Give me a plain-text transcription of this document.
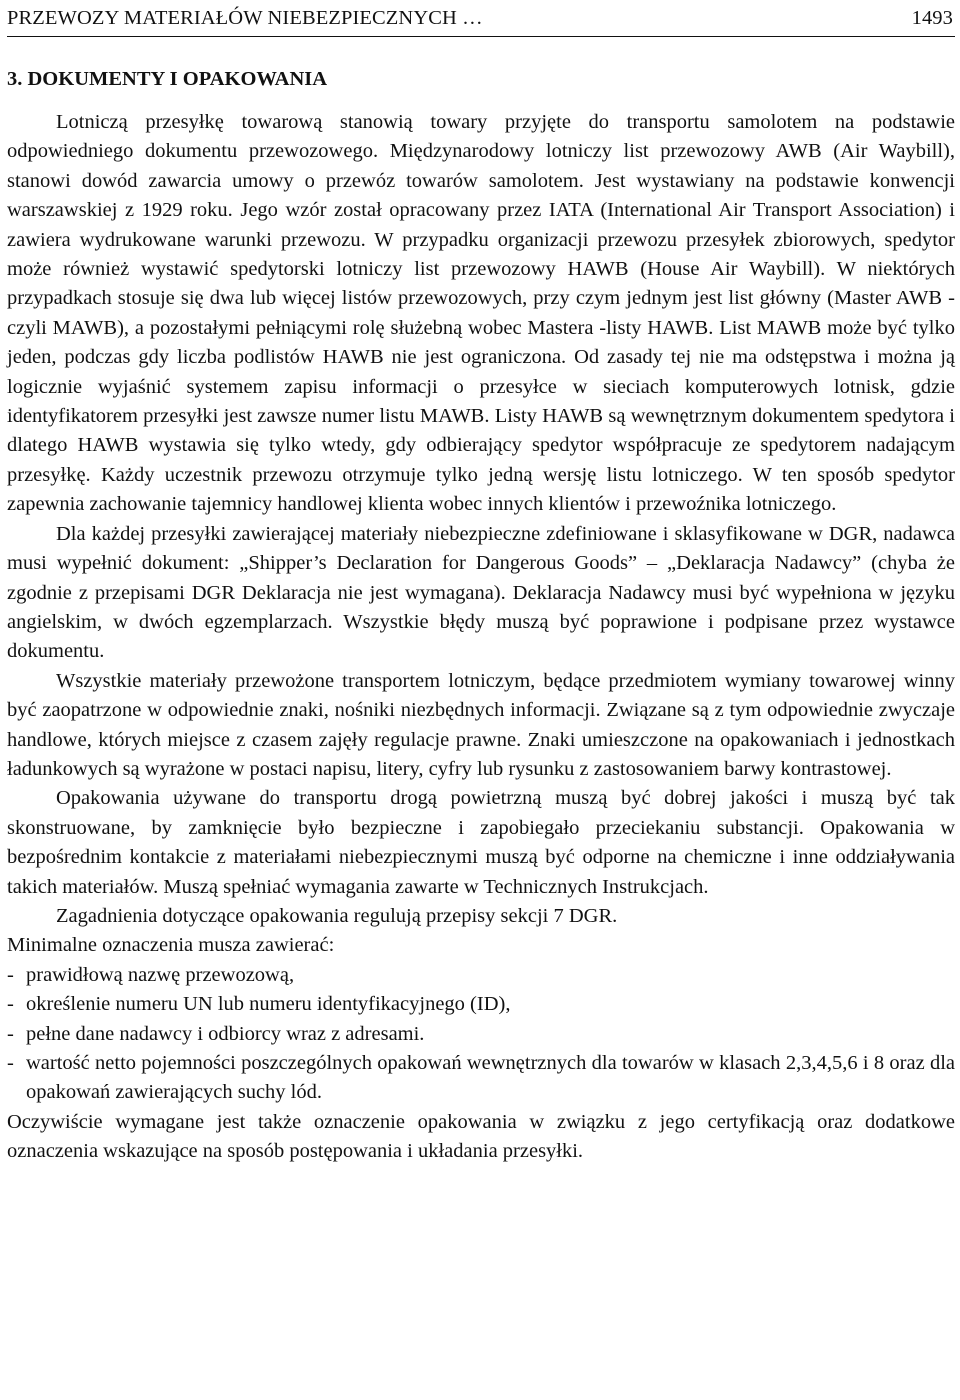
PRZEWOZY MATERIAŁÓW NIEBEZPIECZNYCH …	1493
3. DOKUMENTY I OPAKOWANIA

Lotniczą przesyłkę towarową stanowią towary przyjęte do transportu samolotem na podstawie odpowiedniego dokumentu przewozowego. Międzynarodowy lotniczy list przewozowy AWB (Air Waybill), stanowi dowód zawarcia umowy o przewóz towarów samolotem. Jest wystawiany na podstawie konwencji warszawskiej z 1929 roku. Jego wzór został opracowany przez IATA (International Air Transport Association) i zawiera wydrukowane warunki przewozu. W przypadku organizacji przewozu przesyłek zbiorowych, spedytor może również wystawić spedytorski lotniczy list przewozowy HAWB (House Air Waybill). W niektórych przypadkach stosuje się dwa lub więcej listów przewozowych, przy czym jednym jest list główny (Master AWB - czyli MAWB), a pozostałymi pełniącymi rolę służebną wobec Mastera -listy HAWB. List MAWB może być tylko jeden, podczas gdy liczba podlistów HAWB nie jest ograniczona. Od zasady tej nie ma odstępstwa i można ją logicznie wyjaśnić systemem zapisu informacji o przesyłce w sieciach komputerowych lotnisk, gdzie identyfikatorem przesyłki jest zawsze numer listu MAWB. Listy HAWB są wewnętrznym dokumentem spedytora i dlatego HAWB wystawia się tylko wtedy, gdy odbierający spedytor współpracuje ze spedytorem nadającym przesyłkę. Każdy uczestnik przewozu otrzymuje tylko jedną wersję listu lotniczego. W ten sposób spedytor zapewnia zachowanie tajemnicy handlowej klienta wobec innych klientów i przewoźnika lotniczego.

Dla każdej przesyłki zawierającej materiały niebezpieczne zdefiniowane i sklasyfikowane w DGR, nadawca musi wypełnić dokument: „Shipper’s Declaration for Dangerous Goods” – „Deklaracja Nadawcy” (chyba że zgodnie z przepisami DGR Deklaracja nie jest wymagana). Deklaracja Nadawcy musi być wypełniona w języku angielskim, w dwóch egzemplarzach. Wszystkie błędy muszą być poprawione i podpisane przez wystawce dokumentu.

Wszystkie materiały przewożone transportem lotniczym, będące przedmiotem wymiany towarowej winny być zaopatrzone w odpowiednie znaki, nośniki niezbędnych informacji. Związane są z tym odpowiednie zwyczaje handlowe, których miejsce z czasem zajęły regulacje prawne. Znaki umieszczone na opakowaniach i jednostkach ładunkowych są wyrażone w postaci napisu, litery, cyfry lub rysunku z zastosowaniem barwy kontrastowej.

Opakowania używane do transportu drogą powietrzną muszą być dobrej jakości i muszą być tak skonstruowane, by zamknięcie było bezpieczne i zapobiegało przeciekaniu substancji. Opakowania w bezpośrednim kontakcie z materiałami niebezpiecznymi muszą być odporne na chemiczne i inne oddziaływania takich materiałów. Muszą spełniać wymagania zawarte w Technicznych Instrukcjach.

Zagadnienia dotyczące opakowania regulują przepisy sekcji 7 DGR.

Minimalne oznaczenia musza zawierać:

- prawidłową nazwę przewozową,
- określenie numeru UN lub numeru identyfikacyjnego (ID),
- pełne dane nadawcy i odbiorcy wraz z adresami.
- wartość netto pojemności poszczególnych opakowań wewnętrznych dla towarów w klasach 2,3,4,5,6 i 8 oraz dla opakowań zawierających suchy lód.

Oczywiście wymagane jest także oznaczenie opakowania w związku z jego certyfikacją oraz dodatkowe oznaczenia wskazujące na sposób postępowania i układania przesyłki.
